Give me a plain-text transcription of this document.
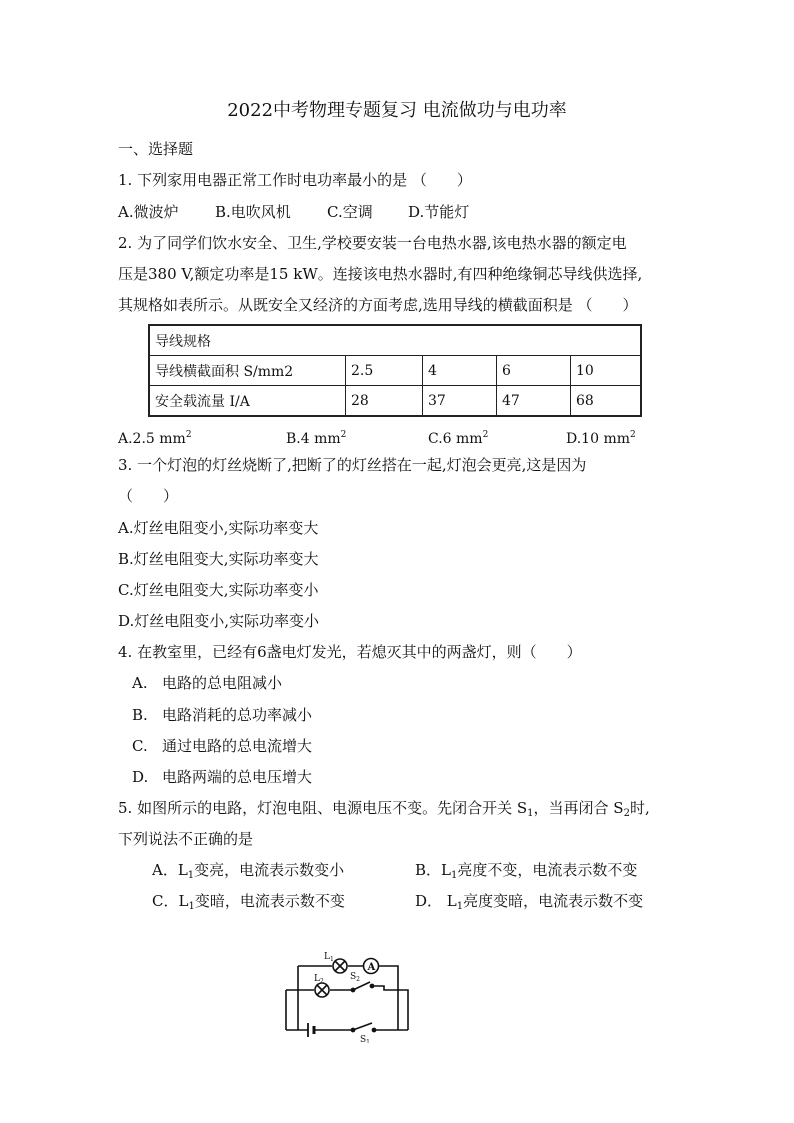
2022中考物理专题复习 电流做功与电功率
一、选择题
1. 下列家用电器正常工作时电功率最小的是 （　　）
A.微波炉 B.电吹风机 C.空调 D.节能灯
2. 为了同学们饮水安全、卫生,学校要安装一台电热水器,该电热水器的额定电
压是380 V,额定功率是15 kW。连接该电热水器时,有四种绝缘铜芯导线供选择,
其规格如表所示。从既安全又经济的方面考虑,选用导线的横截面积是 （　　）
导线规格				
导线横截面积 S/mm2	2.5	4	6	10
安全载流量 I/A	28	37	47	68
A.2.5 $mm^2$	B.4 $mm^2$	C.6 $mm^2$	D.10 $mm^2$
3. 一个灯泡的灯丝烧断了,把断了的灯丝搭在一起,灯泡会更亮,这是因为
（　　）
A.灯丝电阻变小,实际功率变大
B.灯丝电阻变大,实际功率变大
C.灯丝电阻变大,实际功率变小
D.灯丝电阻变小,实际功率变小
4. 在教室里，已经有6盏电灯发光，若熄灭其中的两盏灯，则（　　）
A. 电路的总电阻减小
B. 电路消耗的总功率减小
C. 通过电路的总电流增大
D. 电路两端的总电压增大
5. 如图所示的电路，灯泡电阻、电源电压不变。先闭合开关 $S_1$，当再闭合 $S_2$时,
下列说法不正确的是
A．$L_1$变亮，电流表示数变小	B．$L_1$亮度不变，电流表示数不变
C．$L_1$变暗，电流表示数不变	D． $L_1$亮度变暗，电流表示数不变
A
$L_1$
$L_2$	$S_2$
$S_1$
